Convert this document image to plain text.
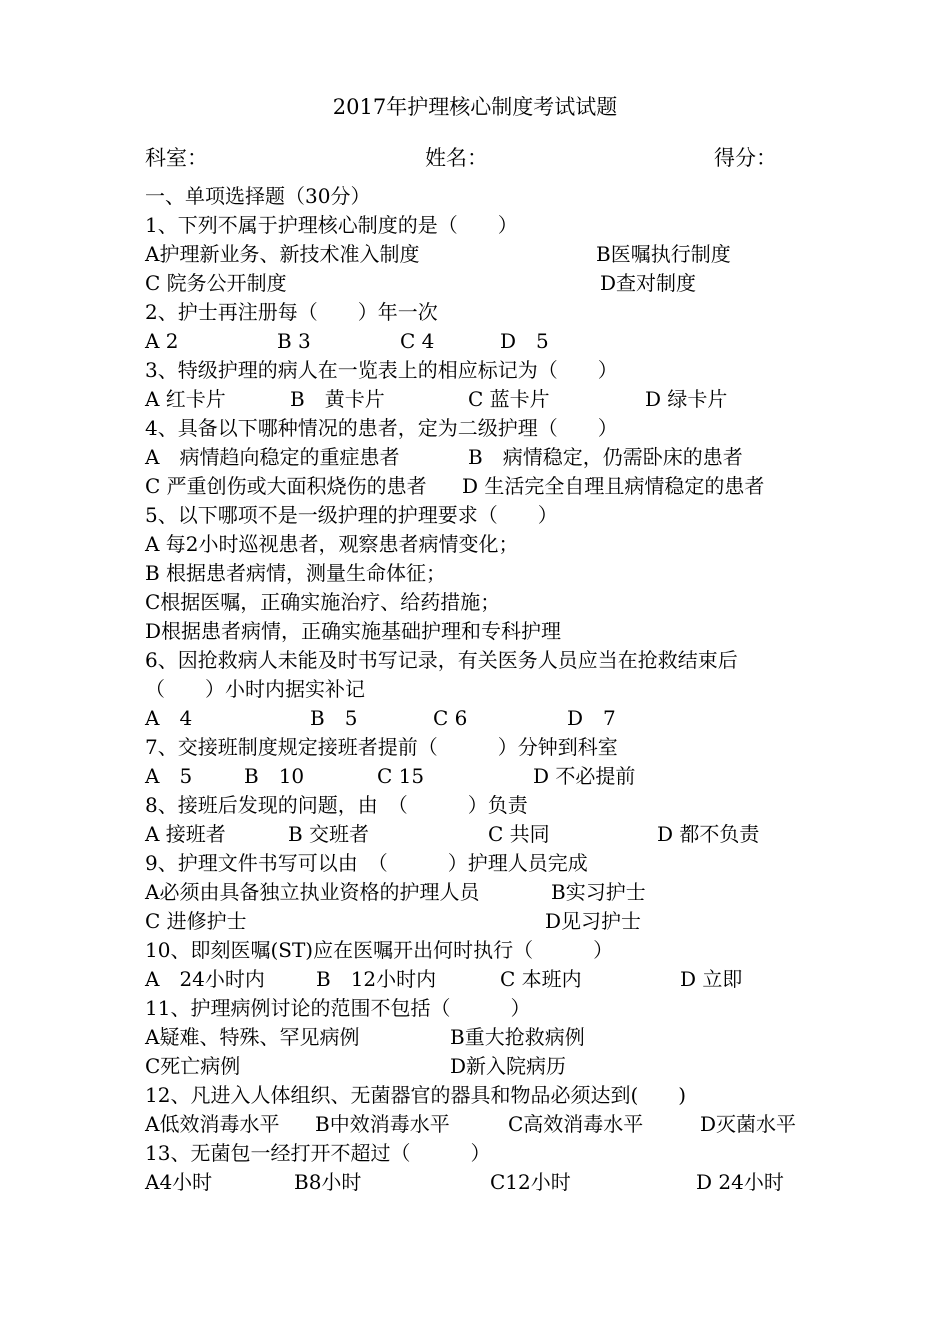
2017年护理核心制度考试试题
科室：	姓名：	得分：
一、单项选择题（30分）
1、下列不属于护理核心制度的是（　　）
A护理新业务、新技术准入制度	B医嘱执行制度
C 院务公开制度	D查对制度
2、护士再注册每（　　）年一次
A 2	B 3	C 4	D　5
3、特级护理的病人在一览表上的相应标记为（　　）
A 红卡片	B　黄卡片	C 蓝卡片	D 绿卡片
4、具备以下哪种情况的患者，定为二级护理（　　）
A　病情趋向稳定的重症患者	B　病情稳定，仍需卧床的患者
C 严重创伤或大面积烧伤的患者 D 生活完全自理且病情稳定的患者
5、以下哪项不是一级护理的护理要求（　　）
A 每2小时巡视患者，观察患者病情变化；
B 根据患者病情，测量生命体征；
C根据医嘱，正确实施治疗、给药措施；
D根据患者病情，正确实施基础护理和专科护理
6、因抢救病人未能及时书写记录，有关医务人员应当在抢救结束后
（　　）小时内据实补记
A　4	B　5	C 6	D　7
7、交接班制度规定接班者提前（　　　）分钟到科室
A　5	B　10	C 15	D 不必提前
8、接班后发现的问题，由　（　　　）负责
A 接班者	B 交班者	C 共同	D 都不负责
9、护理文件书写可以由　（　　　）护理人员完成
A必须由具备独立执业资格的护理人员	B实习护士
C 进修护士	D见习护士
10、即刻医嘱(ST)应在医嘱开出何时执行（　　　）
A　24小时内	B　12小时内	C 本班内	D 立即
11、护理病例讨论的范围不包括（　　　）
A疑难、特殊、罕见病例	B重大抢救病例
C死亡病例	D新入院病历
12、凡进入人体组织、无菌器官的器具和物品必须达到(　　)
A低效消毒水平 B中效消毒水平	C高效消毒水平	D灭菌水平
13、无菌包一经打开不超过（　　　）
A4小时	B8小时	C12小时	D 24小时
